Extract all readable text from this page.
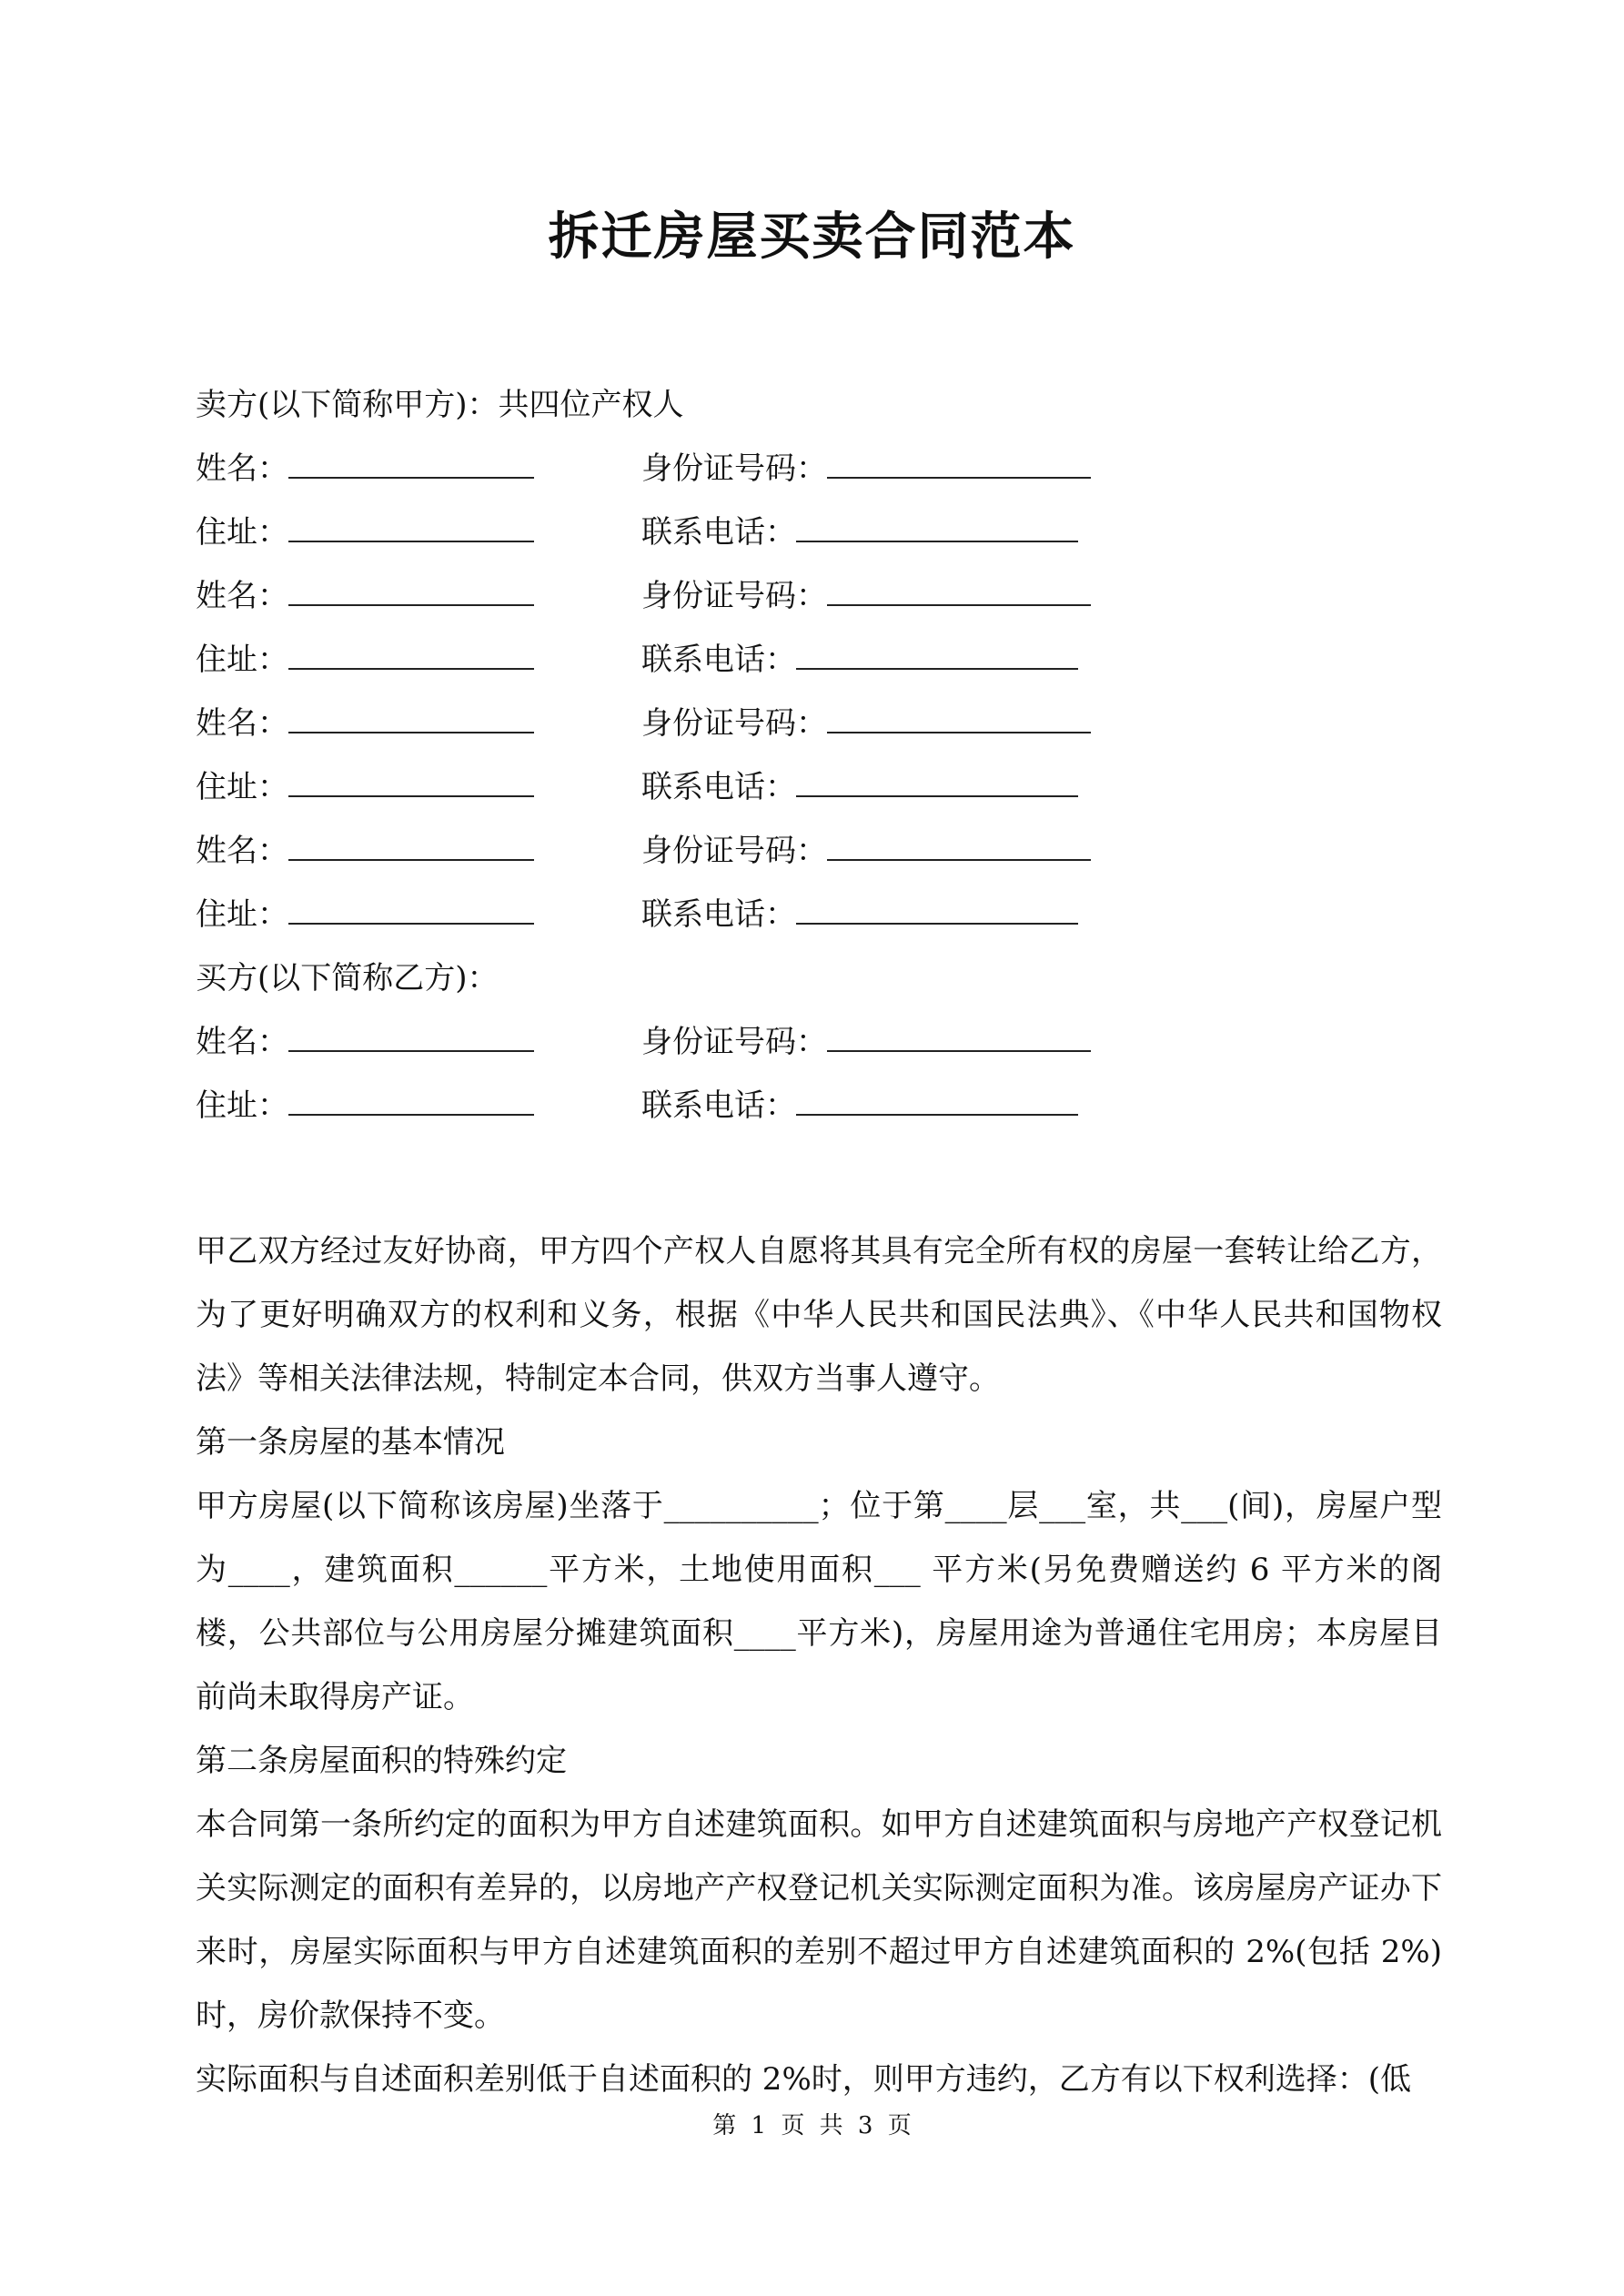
拆迁房屋买卖合同范本
卖方(以下简称甲方)：共四位产权人
姓名：	身份证号码：
住址：	联系电话：
姓名：	身份证号码：
住址：	联系电话：
姓名：	身份证号码：
住址：	联系电话：
姓名：	身份证号码：
住址：	联系电话：
买方(以下简称乙方)：
姓名：	身份证号码：
住址：	联系电话：

甲乙双方经过友好协商，甲方四个产权人自愿将其具有完全所有权的房屋一套转让给乙方，为了更好明确双方的权利和义务，根据《中华人民共和国民法典》、《中华人民共和国物权法》等相关法律法规，特制定本合同，供双方当事人遵守。

第一条房屋的基本情况

甲方房屋(以下简称该房屋)坐落于__________；位于第____层___室，共___(间)，房屋户型为____，建筑面积______平方米，土地使用面积___ 平方米(另免费赠送约 6 平方米的阁楼，公共部位与公用房屋分摊建筑面积____平方米)，房屋用途为普通住宅用房；本房屋目前尚未取得房产证。

第二条房屋面积的特殊约定

本合同第一条所约定的面积为甲方自述建筑面积。如甲方自述建筑面积与房地产产权登记机关实际测定的面积有差异的，以房地产产权登记机关实际测定面积为准。该房屋房产证办下来时，房屋实际面积与甲方自述建筑面积的差别不超过甲方自述建筑面积的 2%(包括 2%)时，房价款保持不变。

实际面积与自述面积差别低于自述面积的 2%时，则甲方违约，乙方有以下权利选择：(低

第 1 页 共 3 页
